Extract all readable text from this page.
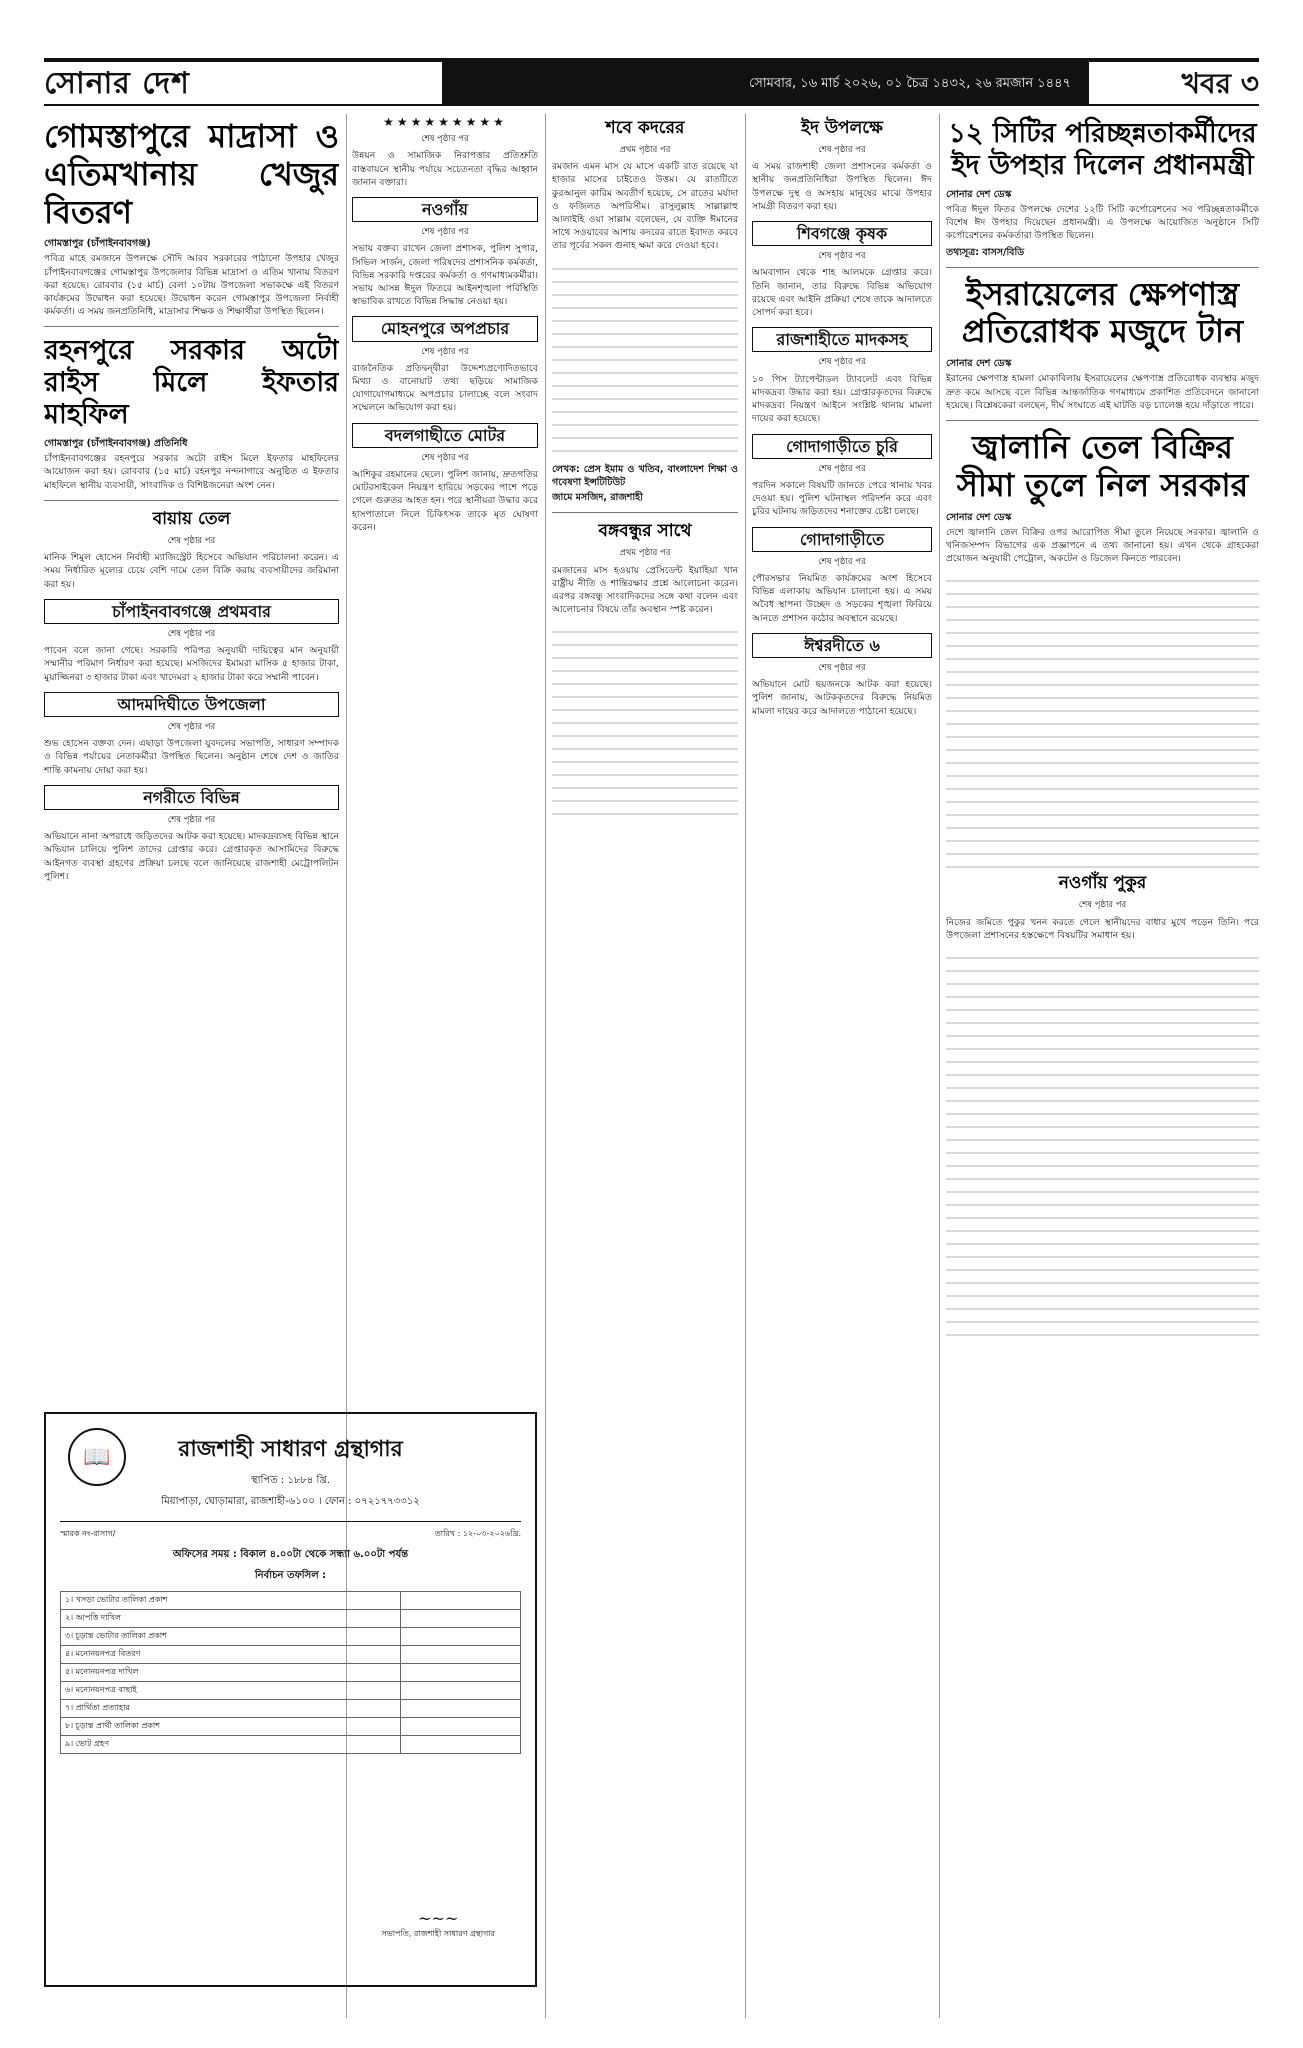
সোনার দেশ	সোমবার, ১৬ মার্চ ২০২৬, ০১ চৈত্র ১৪৩২, ২৬ রমজান ১৪৪৭	খবর ৩
গোমস্তাপুরে মাদ্রাসা ও এতিমখানায় খেজুর বিতরণ
গোমস্তাপুর (চাঁপাইনবাবগঞ্জ)

পবিত্র মাহে রমজানে উপলক্ষে সৌদি আরব সরকারের পাঠানো উপহার খেজুর চাঁপাইনবাবগঞ্জের গোমস্তাপুর উপজেলার বিভিন্ন মাদ্রাসা ও এতিম খানায় বিতরণ করা হয়েছে। রোববার (১৫ মার্চ) বেলা ১০টায় উপজেলা সভাকক্ষে এই বিতরণ কার্যক্রমের উদ্বোধন করা হয়েছে। উদ্বোধন করেন গোমস্তাপুর উপজেলা নির্বাহী কর্মকর্তা। এ সময় জনপ্রতিনিধি, মাদ্রাসার শিক্ষক ও শিক্ষার্থীরা উপস্থিত ছিলেন।

রহনপুরে সরকার অটো রাইস মিলে ইফতার মাহফিল
গোমস্তাপুর (চাঁপাইনবাবগঞ্জ) প্রতিনিধি

চাঁপাইনবাবগঞ্জের রহনপুরে সরকার অটো রাইস মিলে ইফতার মাহফিলের আয়োজন করা হয়। রোববার (১৫ মার্চ) রহনপুর নন্দনাগারে অনুষ্ঠিত এ ইফতার মাহফিলে স্থানীয় ব্যবসায়ী, সাংবাদিক ও বিশিষ্টজনেরা অংশ নেন।

বায়ায় তেল
শেষ পৃষ্ঠার পর

মানিক শিমুল হোসেন নির্বাহী ম্যাজিস্ট্রেট হিসেবে অভিযান পরিচালনা করেন। এ সময় নির্ধারিত মূল্যের চেয়ে বেশি দামে তেল বিক্রি করায় ব্যবসায়ীদের জরিমানা করা হয়।

চাঁপাইনবাবগঞ্জে প্রথমবার
শেষ পৃষ্ঠার পর

পাবেন বলে জানা গেছে। সরকারি পরিপত্র অনুযায়ী দায়িত্বের মান অনুযায়ী সম্মানীর পরিমাণ নির্ধারণ করা হয়েছে। মসজিদের ইমামরা মাসিক ৫ হাজার টাকা, মুয়াজ্জিনরা ৩ হাজার টাকা এবং খাদেমরা ২ হাজার টাকা করে সম্মানী পাবেন।

আদমদিঘীতে উপজেলা
শেষ পৃষ্ঠার পর

শুভ হোসেন বক্তব্য দেন। এছাড়া উপজেলা যুবদলের সভাপতি, সাধারণ সম্পাদক ও বিভিন্ন পর্যায়ের নেতাকর্মীরা উপস্থিত ছিলেন। অনুষ্ঠান শেষে দেশ ও জাতির শান্তি কামনায় দোয়া করা হয়।

নগরীতে বিভিন্ন
শেষ পৃষ্ঠার পর

অভিযানে নানা অপরাধে জড়িতদের আটক করা হয়েছে। মাদকদ্রব্যসহ বিভিন্ন স্থানে অভিযান চালিয়ে পুলিশ তাদের গ্রেপ্তার করে। গ্রেপ্তারকৃত আসামিদের বিরুদ্ধে আইনগত ব্যবস্থা গ্রহণের প্রক্রিয়া চলছে বলে জানিয়েছে রাজশাহী মেট্রোপলিটন পুলিশ।

★★★★★★★★★
শেষ পৃষ্ঠার পর

উন্নয়ন ও সামাজিক নিরাপত্তার প্রতিশ্রুতি বাস্তবায়নে স্থানীয় পর্যায়ে সচেতনতা বৃদ্ধির আহ্বান জানান বক্তারা।

নওগাঁয়
শেষ পৃষ্ঠার পর

সভায় বক্তব্য রাখেন জেলা প্রশাসক, পুলিশ সুপার, সিভিল সার্জন, জেলা পরিষদের প্রশাসনিক কর্মকর্তা, বিভিন্ন সরকারি দপ্তরের কর্মকর্তা ও গণমাধ্যমকর্মীরা। সভায় আসন্ন ঈদুল ফিতরে আইনশৃঙ্খলা পরিস্থিতি স্বাভাবিক রাখতে বিভিন্ন সিদ্ধান্ত নেওয়া হয়।

মোহনপুরে অপপ্রচার
শেষ পৃষ্ঠার পর

রাজনৈতিক প্রতিদ্বন্দ্বীরা উদ্দেশ্যপ্রণোদিতভাবে মিথ্যা ও বানোয়াট তথ্য ছড়িয়ে সামাজিক যোগাযোগমাধ্যমে অপপ্রচার চালাচ্ছে বলে সংবাদ সম্মেলনে অভিযোগ করা হয়।

বদলগাছীতে মোটর
শেষ পৃষ্ঠার পর

আশিকুর রহমানের ছেলে। পুলিশ জানায়, দ্রুতগতির মোটরসাইকেল নিয়ন্ত্রণ হারিয়ে সড়কের পাশে পড়ে গেলে গুরুতর আহত হন। পরে স্থানীয়রা উদ্ধার করে হাসপাতালে নিলে চিকিৎসক তাকে মৃত ঘোষণা করেন।

শবে কদরের
প্রথম পৃষ্ঠার পর

রমজান এমন মাস যে মাসে একটি রাত রয়েছে যা হাজার মাসের চাইতেও উত্তম। যে রাতটিতে কুরআনুল কারিম অবতীর্ণ হয়েছে, সে রাতের মর্যাদা ও ফজিলত অপরিসীম। রাসুলুল্লাহ সাল্লাল্লাহু আলাইহি ওয়া সাল্লাম বলেছেন, যে ব্যক্তি ঈমানের সাথে সওয়াবের আশায় কদরের রাতে ইবাদত করবে তার পূর্বের সকল গুনাহ ক্ষমা করে দেওয়া হবে।

লেখক: প্রেস ইমাম ও খতিব, বাংলাদেশ শিক্ষা ও গবেষণা ইন্সটিটিউট
জামে মসজিদ, রাজশাহী
বঙ্গবন্ধুর সাথে
প্রথম পৃষ্ঠার পর

রমজানের মাস হওয়ায় প্রেসিডেন্ট ইয়াহিয়া খান রাষ্ট্রীয় নীতি ও শান্তিরক্ষার প্রশ্নে আলোচনা করেন। এরপর বঙ্গবন্ধু সাংবাদিকদের সঙ্গে কথা বলেন এবং আলোচনার বিষয়ে তাঁর অবস্থান স্পষ্ট করেন।

ইদ উপলক্ষে
শেষ পৃষ্ঠার পর

এ সময় রাজশাহী জেলা প্রশাসনের কর্মকর্তা ও স্থানীয় জনপ্রতিনিধিরা উপস্থিত ছিলেন। ঈদ উপলক্ষে দুস্থ ও অসহায় মানুষের মাঝে উপহার সামগ্রী বিতরণ করা হয়।

শিবগঞ্জে কৃষক
শেষ পৃষ্ঠার পর

আমবাগান থেকে শাহ আলমকে গ্রেপ্তার করে। তিনি জানান, তার বিরুদ্ধে বিভিন্ন অভিযোগ রয়েছে এবং আইনি প্রক্রিয়া শেষে তাকে আদালতে সোপর্দ করা হবে।

রাজশাহীতে মাদকসহ
শেষ পৃষ্ঠার পর

১০ পিস ট্যাপেন্টাডল ট্যাবলেট এবং বিভিন্ন মাদকদ্রব্য উদ্ধার করা হয়। গ্রেপ্তারকৃতদের বিরুদ্ধে মাদকদ্রব্য নিয়ন্ত্রণ আইনে সংশ্লিষ্ট থানায় মামলা দায়ের করা হয়েছে।

গোদাগাড়ীতে চুরি
শেষ পৃষ্ঠার পর

পরদিন সকালে বিষয়টি জানতে পেরে থানায় খবর দেওয়া হয়। পুলিশ ঘটনাস্থল পরিদর্শন করে এবং চুরির ঘটনায় জড়িতদের শনাক্তের চেষ্টা চলছে।

গোদাগাড়ীতে
শেষ পৃষ্ঠার পর

পৌরসভার নিয়মিত কার্যক্রমের অংশ হিসেবে বিভিন্ন এলাকায় অভিযান চালানো হয়। এ সময় অবৈধ স্থাপনা উচ্ছেদ ও সড়কের শৃঙ্খলা ফিরিয়ে আনতে প্রশাসন কঠোর অবস্থানে রয়েছে।

ঈশ্বরদীতে ৬
শেষ পৃষ্ঠার পর

অভিযানে মোট ছয়জনকে আটক করা হয়েছে। পুলিশ জানায়, আটককৃতদের বিরুদ্ধে নিয়মিত মামলা দায়ের করে আদালতে পাঠানো হয়েছে।

১২ সিটির পরিচ্ছন্নতাকর্মীদের ইদ উপহার দিলেন প্রধানমন্ত্রী
সোনার দেশ ডেস্ক

পবিত্র ঈদুল ফিতর উপলক্ষে দেশের ১২টি সিটি কর্পোরেশনের সব পরিচ্ছন্নতাকর্মীকে বিশেষ ঈদ উপহার দিয়েছেন প্রধানমন্ত্রী। এ উপলক্ষে আয়োজিত অনুষ্ঠানে সিটি কর্পোরেশনের কর্মকর্তারা উপস্থিত ছিলেন।

তথ্যসূত্র: বাসস/বিডি
ইসরায়েলের ক্ষেপণাস্ত্র প্রতিরোধক মজুদে টান
সোনার দেশ ডেস্ক

ইরানের ক্ষেপণাস্ত্র হামলা মোকাবিলায় ইসরায়েলের ক্ষেপণাস্ত্র প্রতিরোধক ব্যবস্থার মজুদ দ্রুত কমে আসছে বলে বিভিন্ন আন্তর্জাতিক গণমাধ্যমে প্রকাশিত প্রতিবেদনে জানানো হয়েছে। বিশ্লেষকেরা বলছেন, দীর্ঘ সংঘাতে এই ঘাটতি বড় চ্যালেঞ্জ হয়ে দাঁড়াতে পারে।

জ্বালানি তেল বিক্রির সীমা তুলে নিল সরকার
সোনার দেশ ডেস্ক

দেশে জ্বালানি তেল বিক্রির ওপর আরোপিত সীমা তুলে নিয়েছে সরকার। জ্বালানি ও খনিজসম্পদ বিভাগের এক প্রজ্ঞাপনে এ তথ্য জানানো হয়। এখন থেকে গ্রাহকেরা প্রয়োজন অনুযায়ী পেট্রোল, অকটেন ও ডিজেল কিনতে পারবেন।

নওগাঁয় পুকুর
শেষ পৃষ্ঠার পর

নিজের জমিতে পুকুর খনন করতে গেলে স্থানীয়দের বাধার মুখে পড়েন তিনি। পরে উপজেলা প্রশাসনের হস্তক্ষেপে বিষয়টির সমাধান হয়।

📖	রাজশাহী সাধারণ গ্রন্থাগার
স্থাপিত : ১৮৮৪ খ্রি.
মিয়াপাড়া, ঘোড়ামারা, রাজশাহী-৬১০০ । ফোন : ০৭২১৭৭৩৩১২
স্মারক নং-রাসাগ/	তারিখ : ১২-০৩-২০২৬খ্রি.
অফিসের সময় : বিকাল ৪.০০টা থেকে সন্ধ্যা ৬.০০টা পর্যন্ত
নির্বাচন তফসিল :
১। খসড়া ভোটার তালিকা প্রকাশ	
২। আপত্তি দাখিল	
৩। চূড়ান্ত ভোটার তালিকা প্রকাশ	
৪। মনোনয়নপত্র বিতরণ	
৫। মনোনয়নপত্র দাখিল	
৬। মনোনয়নপত্র বাছাই	
৭। প্রার্থিতা প্রত্যাহার	
৮। চূড়ান্ত প্রার্থী তালিকা প্রকাশ	
৯। ভোট গ্রহণ	
~~~
সভাপতি, রাজশাহী সাধারণ গ্রন্থাগার
